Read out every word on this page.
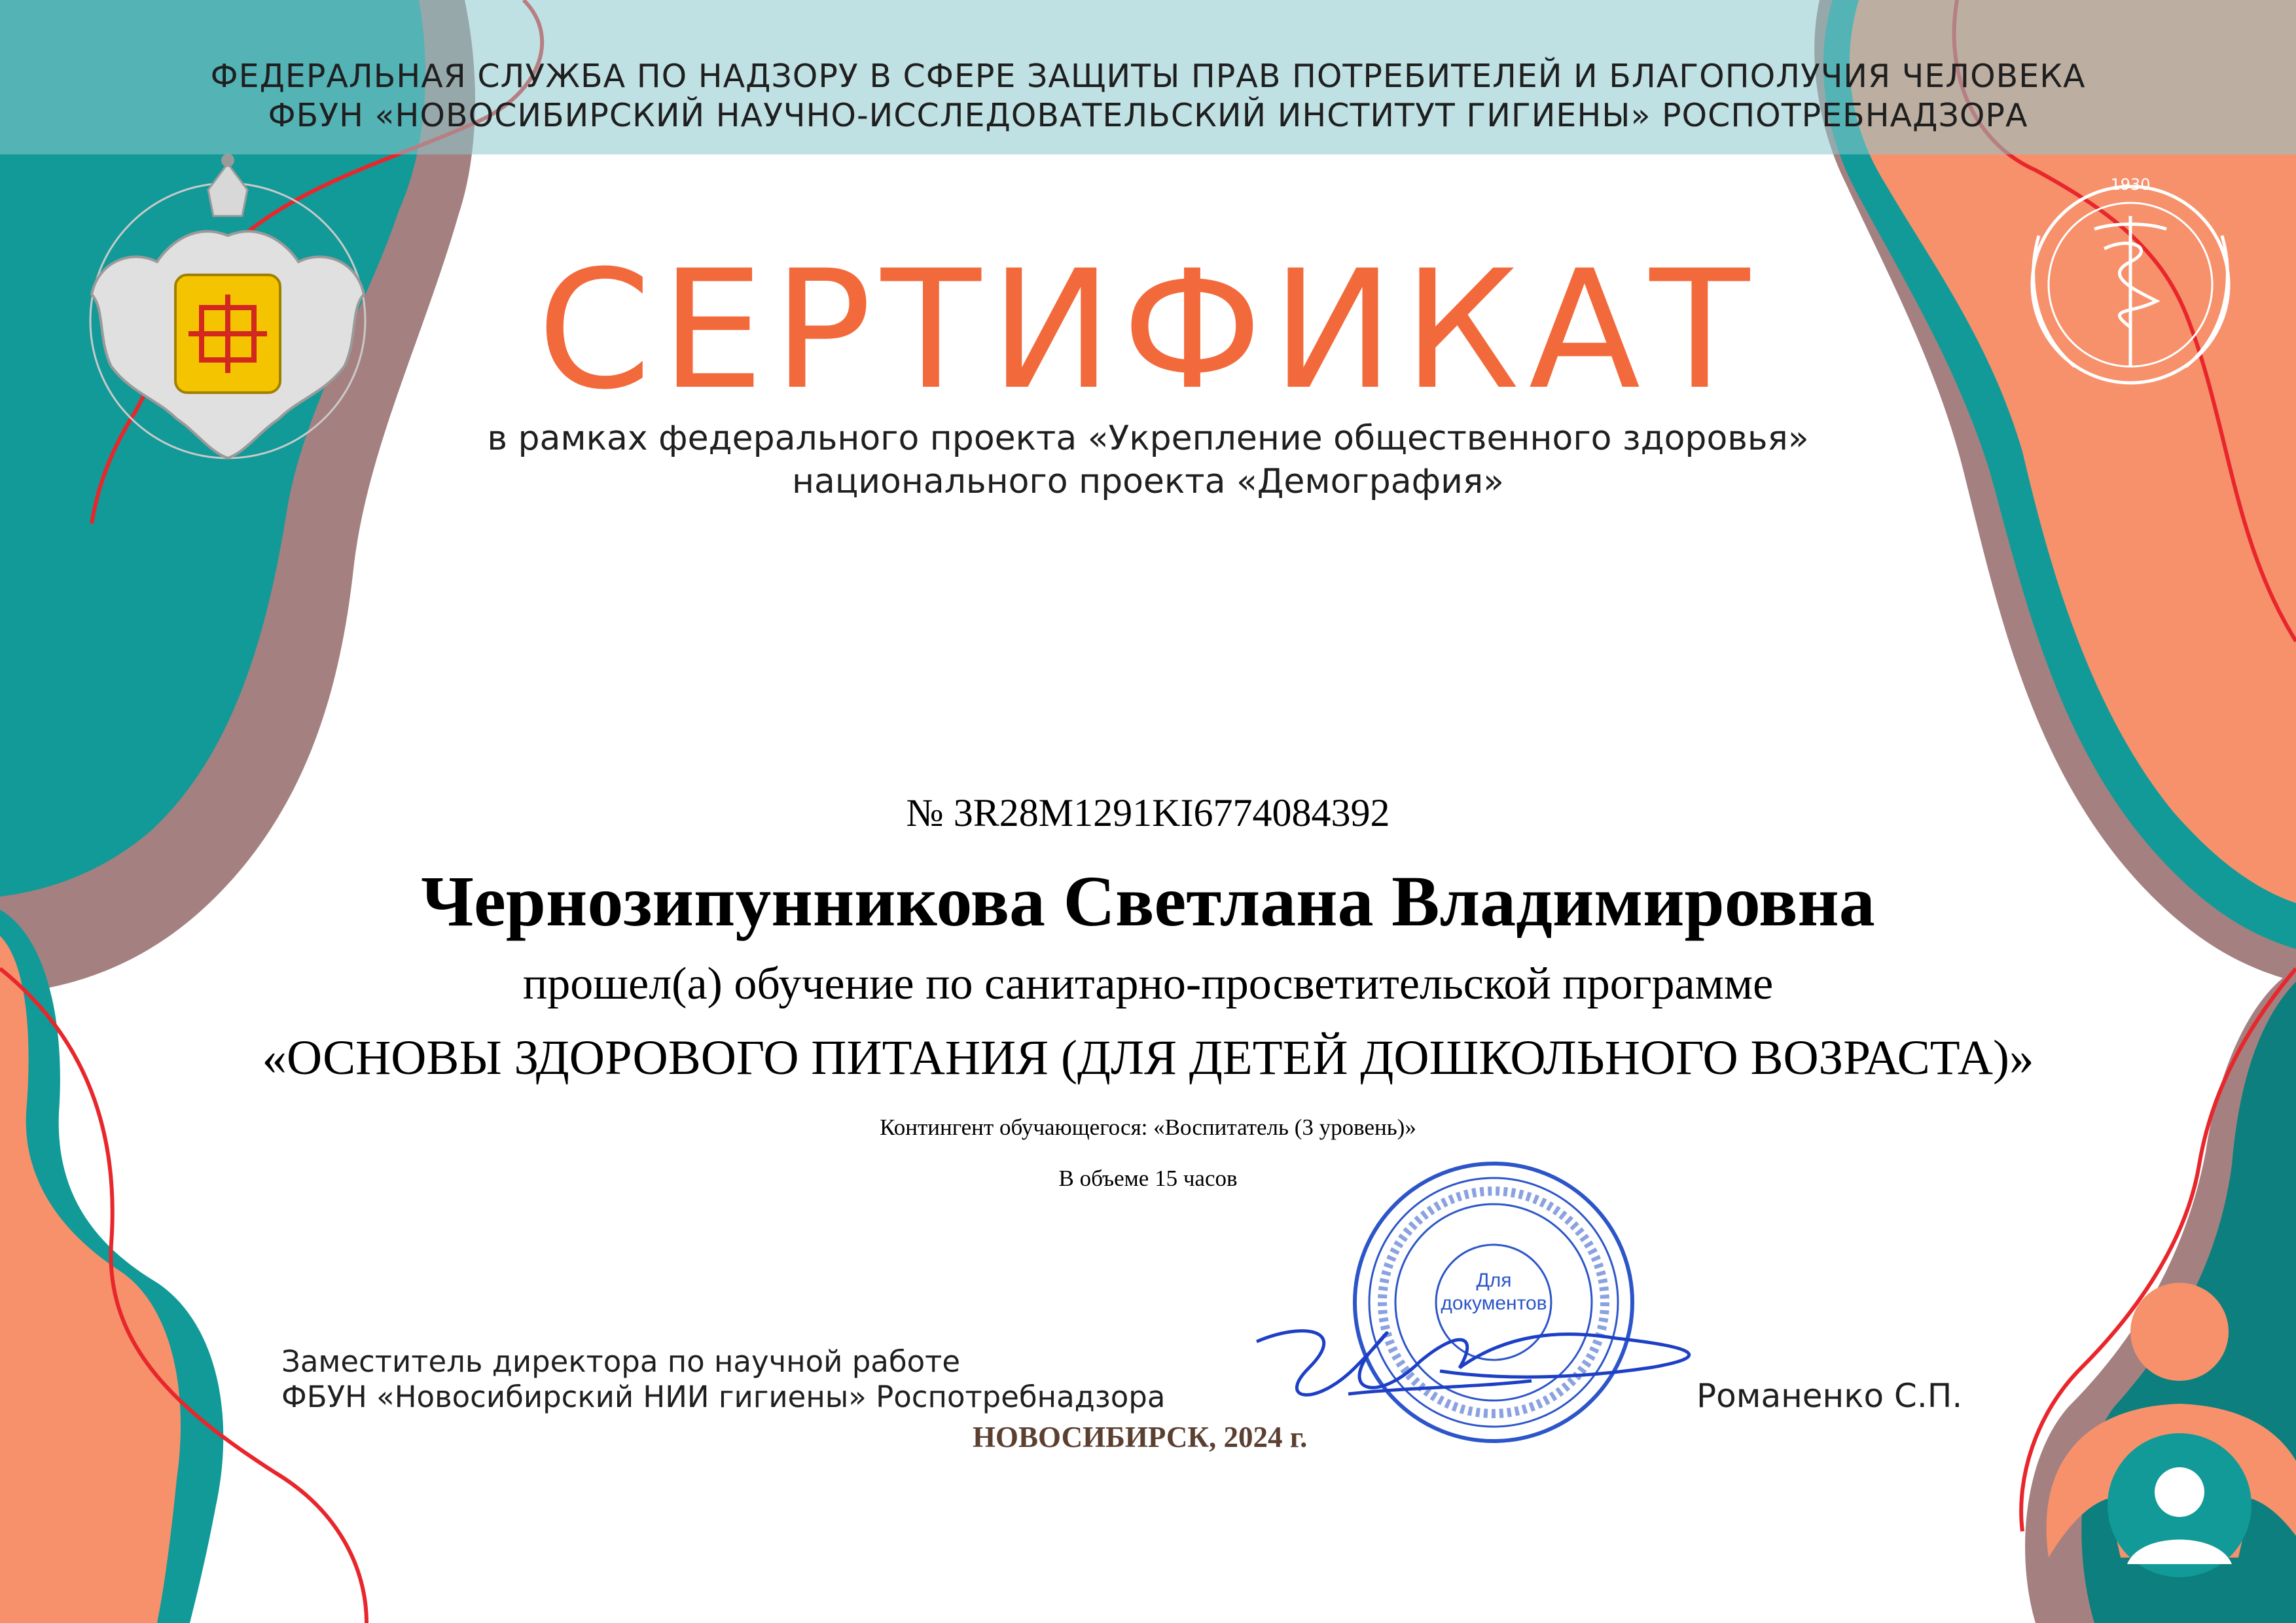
1930
ФЕДЕРАЛЬНАЯ СЛУЖБА ПО НАДЗОРУ В СФЕРЕ ЗАЩИТЫ ПРАВ ПОТРЕБИТЕЛЕЙ И БЛАГОПОЛУЧИЯ ЧЕЛОВЕКА
ФБУН «НОВОСИБИРСКИЙ НАУЧНО-ИССЛЕДОВАТЕЛЬСКИЙ ИНСТИТУТ ГИГИЕНЫ» РОСПОТРЕБНАДЗОРА
СЕРТИФИКАТ
в рамках федерального проекта «Укрепление общественного здоровья»
национального проекта «Демография»
№ 3R28M1291KI6774084392
Чернозипунникова Светлана Владимировна
прошел(а) обучение по санитарно-просветительской программе
«ОСНОВЫ ЗДОРОВОГО ПИТАНИЯ (ДЛЯ ДЕТЕЙ ДОШКОЛЬНОГО ВОЗРАСТА)»
Контингент обучающегося: «Воспитатель (3 уровень)»
В объеме 15 часов
Для документов
Заместитель директора по научной работе
ФБУН «Новосибирский НИИ гигиены» Роспотребнадзора	Романенко С.П.
НОВОСИБИРСК, 2024 г.
